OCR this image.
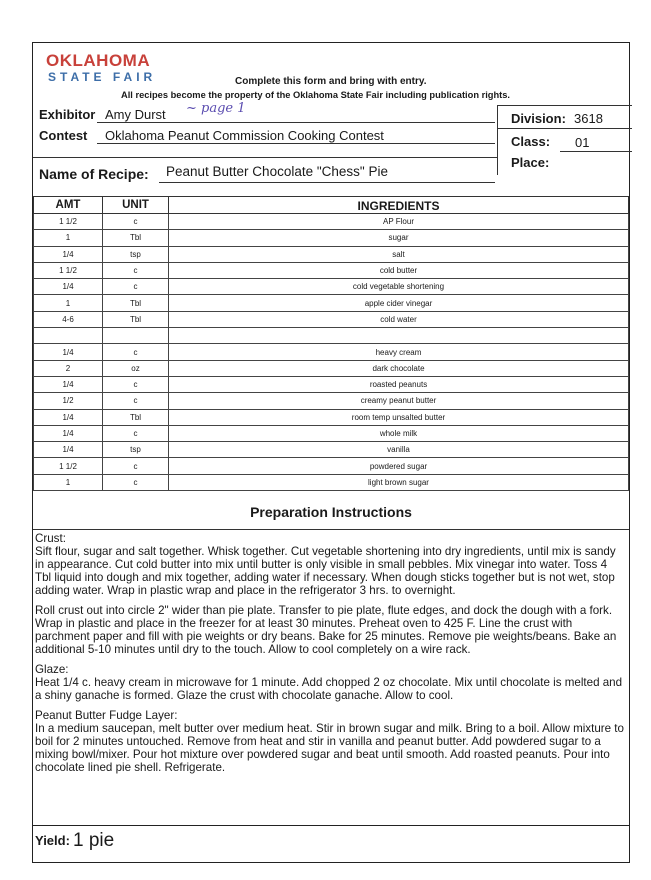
OKLAHOMA
STATE FAIR	Complete this form and bring with entry.
All recipes become the property of the Oklahoma State Fair including publication rights.
Exhibitor Amy Durst ~ page 1
Contest Oklahoma Peanut Commission Cooking Contest
Division: 3618
Class: 01
Place:
Name of Recipe: Peanut Butter Chocolate "Chess" Pie
AMT	UNIT	INGREDIENTS
1 1/2	c	AP Flour
1	Tbl	sugar
1/4	tsp	salt
1 1/2	c	cold butter
1/4	c	cold vegetable shortening
1	Tbl	apple cider vinegar
4-6	Tbl	cold water

1/4	c	heavy cream
2	oz	dark chocolate
1/4	c	roasted peanuts
1/2	c	creamy peanut butter
1/4	Tbl	room temp unsalted butter
1/4	c	whole milk
1/4	tsp	vanilla
1 1/2	c	powdered sugar
1	c	light brown sugar
Preparation Instructions

Crust:

Sift flour, sugar and salt together. Whisk together. Cut vegetable shortening into dry ingredients, until mix is sandy in appearance. Cut cold butter into mix until butter is only visible in small pebbles. Mix vinegar into water. Toss 4 Tbl liquid into dough and mix together, adding water if necessary. When dough sticks together but is not wet, stop adding water. Wrap in plastic wrap and place in the refrigerator 3 hrs. to overnight.

Roll crust out into circle 2" wider than pie plate. Transfer to pie plate, flute edges, and dock the dough with a fork. Wrap in plastic and place in the freezer for at least 30 minutes. Preheat oven to 425 F. Line the crust with parchment paper and fill with pie weights or dry beans. Bake for 25 minutes. Remove pie weights/beans. Bake an additional 5-10 minutes until dry to the touch. Allow to cool completely on a wire rack.

Glaze:

Heat 1/4 c. heavy cream in microwave for 1 minute. Add chopped 2 oz chocolate. Mix until chocolate is melted and a shiny ganache is formed. Glaze the crust with chocolate ganache. Allow to cool.

Peanut Butter Fudge Layer:

In a medium saucepan, melt butter over medium heat. Stir in brown sugar and milk. Bring to a boil. Allow mixture to boil for 2 minutes untouched. Remove from heat and stir in vanilla and peanut butter. Add powdered sugar to a mixing bowl/mixer. Pour hot mixture over powdered sugar and beat until smooth. Add roasted peanuts. Pour into chocolate lined pie shell. Refrigerate.

Yield: 1 pie
